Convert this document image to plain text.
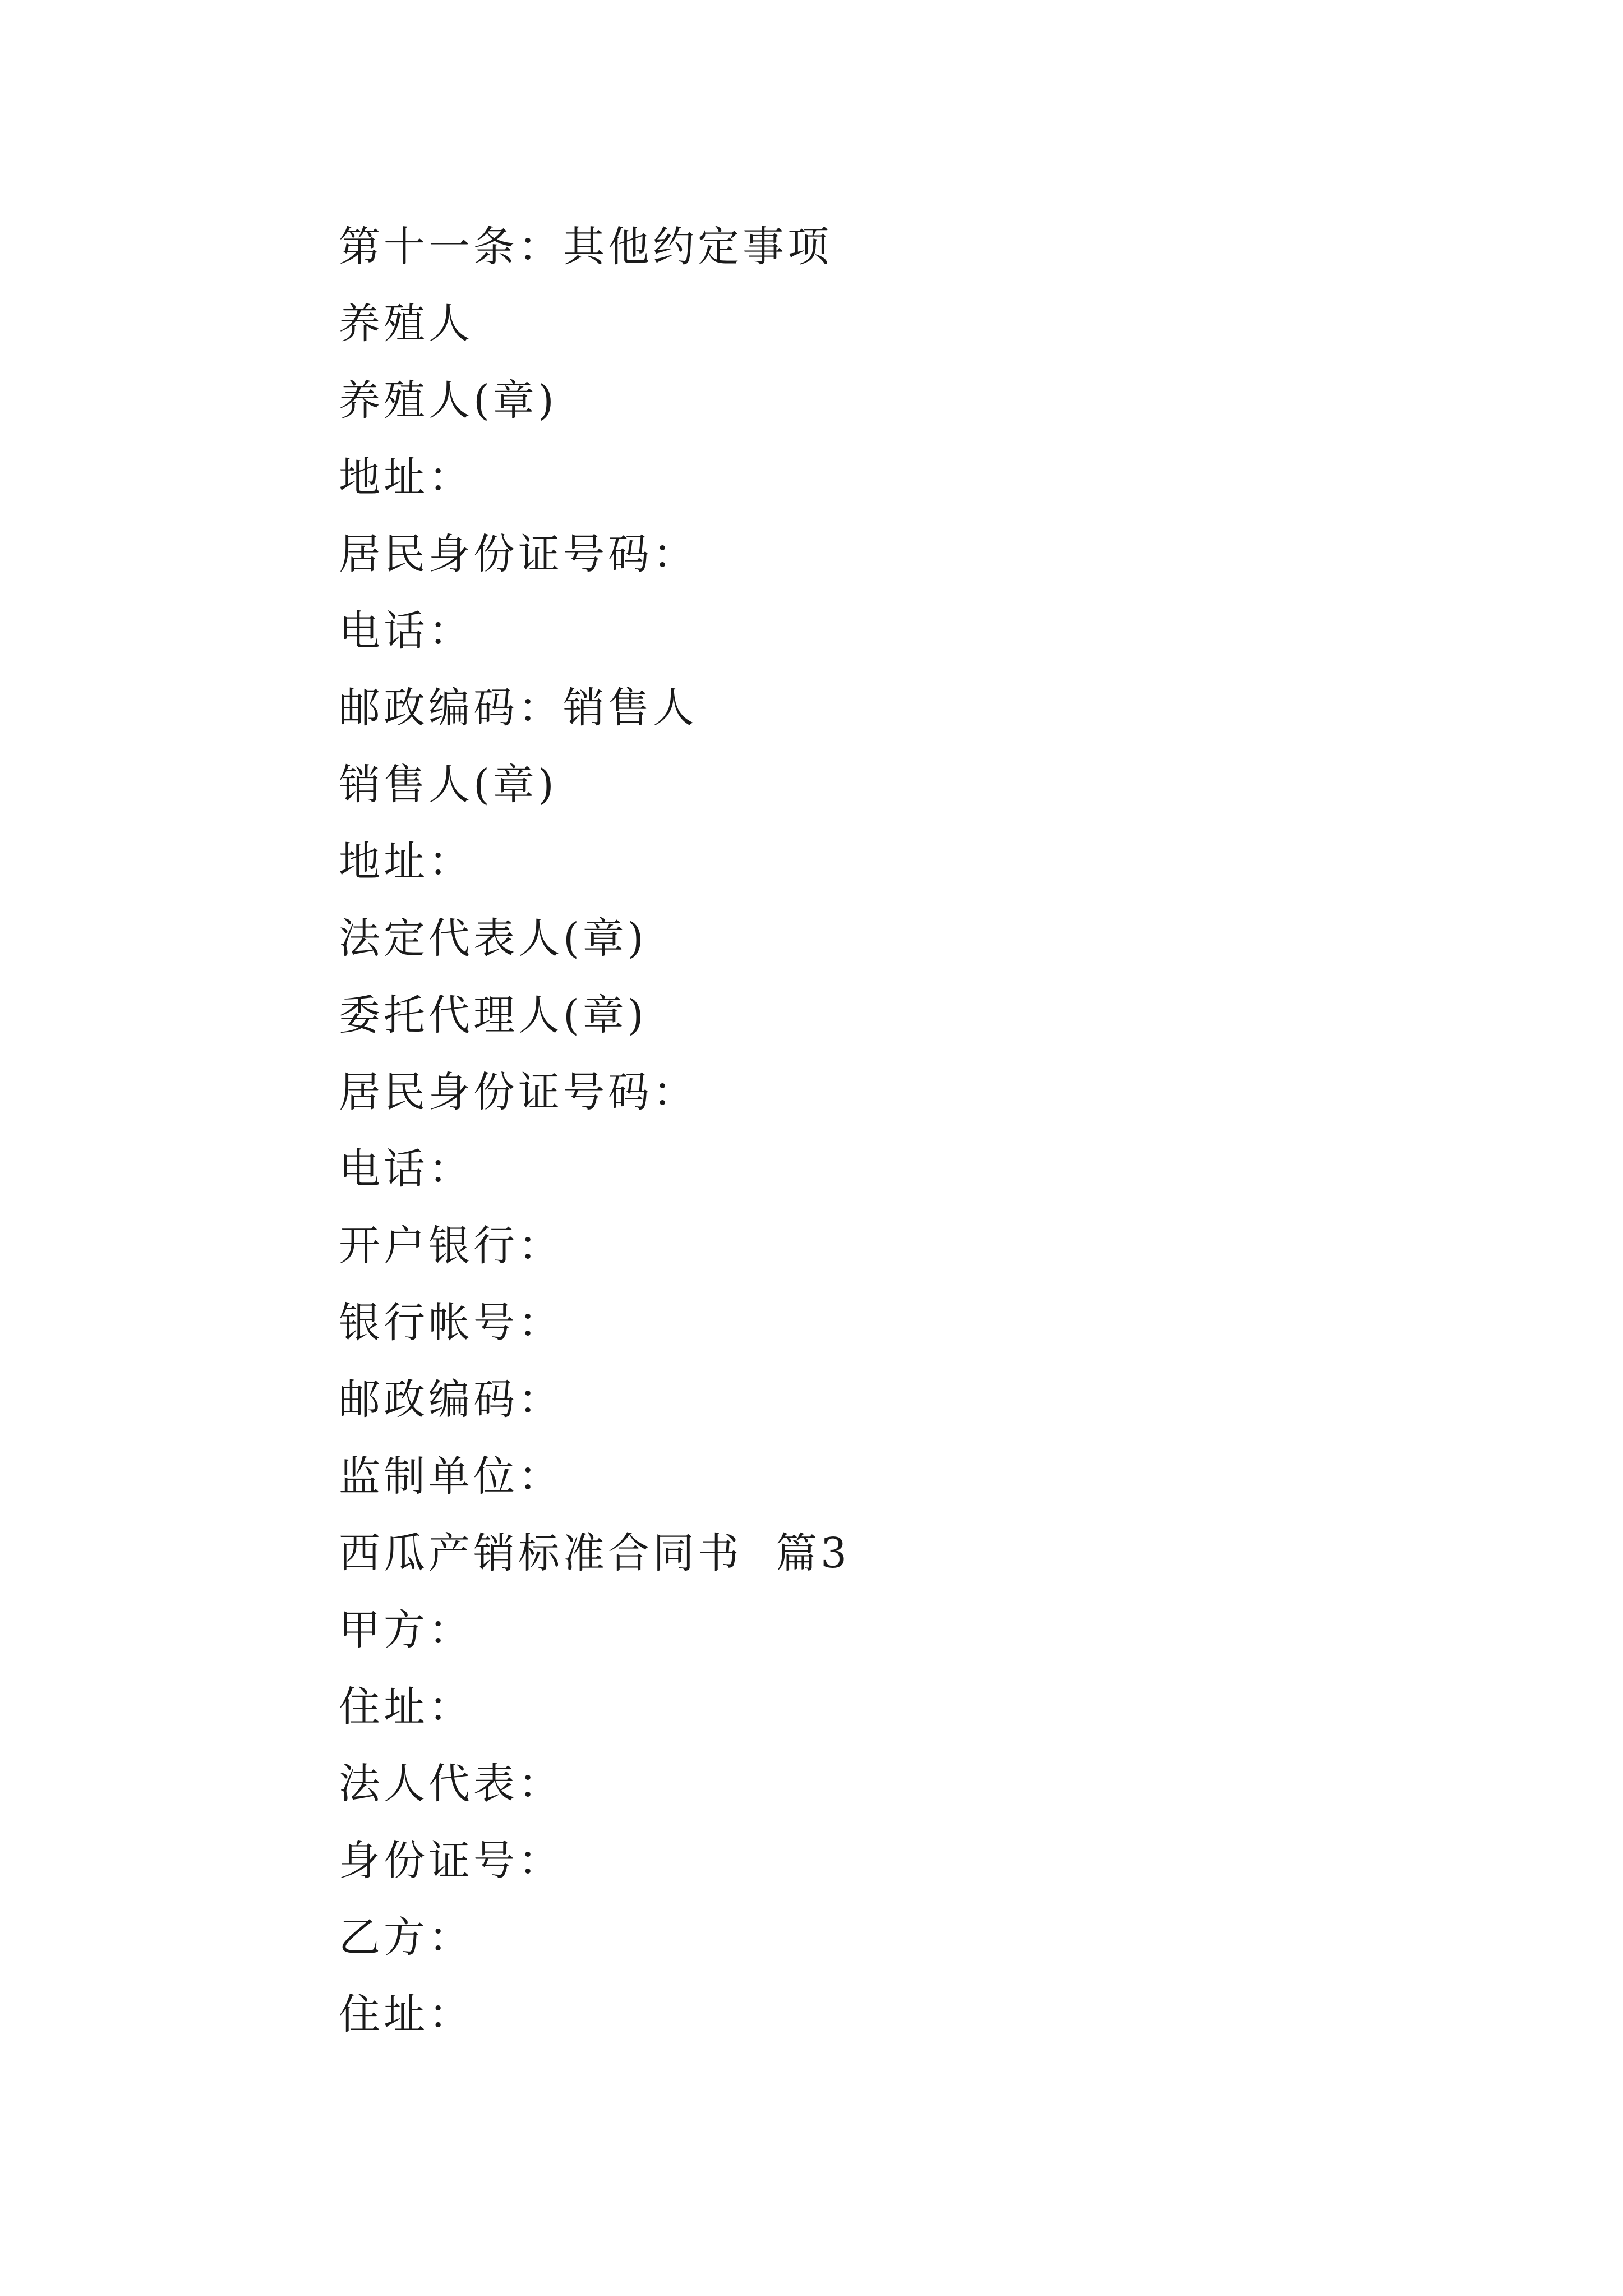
第十一条：其他约定事项
养殖人
养殖人(章)
地址：
居民身份证号码：
电话：
邮政编码：销售人
销售人(章)
地址：
法定代表人(章)
委托代理人(章)
居民身份证号码：
电话：
开户银行：
银行帐号：
邮政编码：
监制单位：
西瓜产销标准合同书  篇3
甲方：
住址：
法人代表：
身份证号：
乙方：
住址：
